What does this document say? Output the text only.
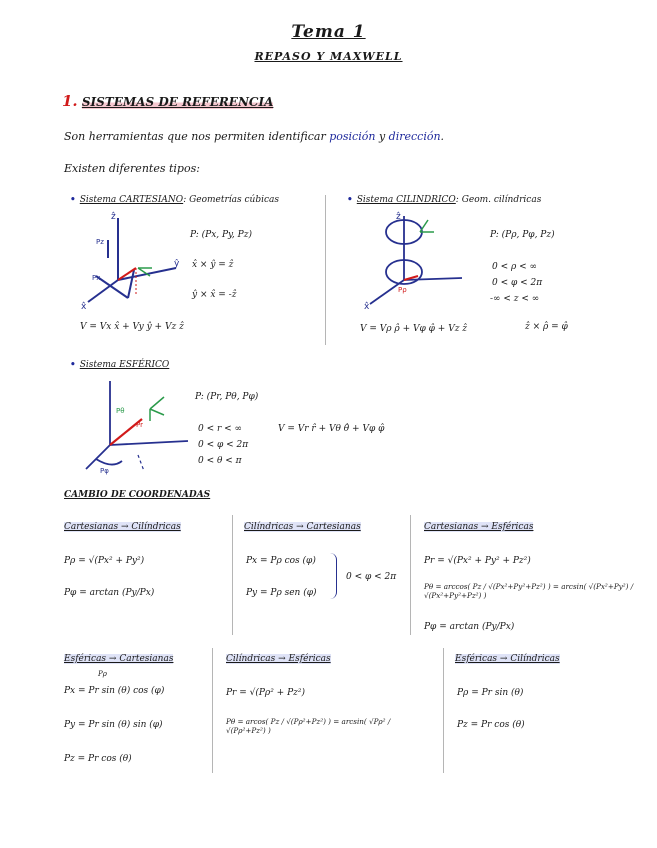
Tema 1
REPASO Y MAXWELL
1. SISTEMAS DE REFERENCIA
Son herramientas que nos permiten identificar posición y dirección.
Existen diferentes tipos:
• Sistema CARTESIANO: Geometrías cúbicas
ẑ
ŷ
x̂
Pz
Px
P: (Px, Py, Pz)
x̂ × ŷ = ẑ
ŷ × x̂ = -ẑ
V = Vx x̂ + Vy ŷ + Vz ẑ
• Sistema CILINDRICO: Geom. cilíndricas
ẑ
x̂
Pρ
P: (Pρ, Pφ, Pz)
0 < ρ < ∞
0 < φ < 2π
-∞ < z < ∞
V = Vρ ρ̂ + Vφ φ̂ + Vz ẑ	ẑ × ρ̂ = φ̂
• Sistema ESFÉRICO
Pr
Pθ
Pφ
P: (Pr, Pθ, Pφ)
0 < r < ∞
0 < φ < 2π
0 < θ < π
V = Vr r̂ + Vθ θ̂ + Vφ φ̂
CAMBIO DE COORDENADAS
Cartesianas → Cilíndricas
Pρ = √(Px² + Py²)
Pφ = arctan (Py/Px)
Cilíndricas → Cartesianas
Px = Pρ cos (φ)
Py = Pρ sen (φ)
0 < φ < 2π
Cartesianas → Esféricas
Pr = √(Px² + Py² + Pz²)
Pθ = arccos( Pz / √(Px²+Py²+Pz²) ) = arcsin( √(Px²+Py²) / √(Px²+Py²+Pz²) )
Pφ = arctan (Py/Px)
Esféricas → Cartesianas
Pρ
Px = Pr sin (θ) cos (φ)
Py = Pr sin (θ) sin (φ)
Pz = Pr cos (θ)
Cilíndricas → Esféricas
Pr = √(Pρ² + Pz²)
Pθ = arcos( Pz / √(Pρ²+Pz²) ) = arcsin( √Pρ² / √(Pρ²+Pz²) )
Esféricas → Cilíndricas
Pρ = Pr sin (θ)
Pz = Pr cos (θ)
